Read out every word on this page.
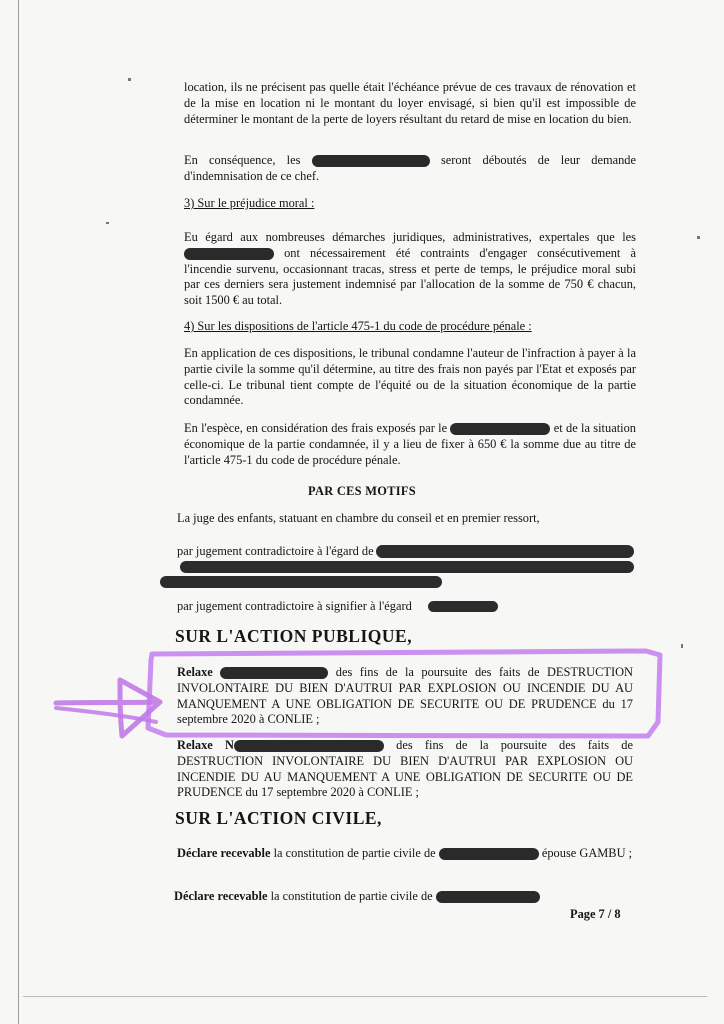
location, ils ne précisent pas quelle était l'échéance prévue de ces travaux de rénovation et de la mise en location ni le montant du loyer envisagé, si bien qu'il est impossible de déterminer le montant de la perte de loyers résultant du retard de mise en location du bien.

En conséquence, les	seront déboutés de leur demande d'indemnisation de ce chef.

3) Sur le préjudice moral :

Eu égard aux nombreuses démarches juridiques, administratives, expertales que les  ont nécessairement été contraints d'engager consécutivement à l'incendie survenu, occasionnant tracas, stress et perte de temps, le préjudice moral subi par ces derniers sera justement indemnisé par l'allocation de la somme de 750 € chacun, soit 1500 € au total.

4) Sur les dispositions de l'article 475-1 du code de procédure pénale :

En application de ces dispositions, le tribunal condamne l'auteur de l'infraction à payer à la partie civile la somme qu'il détermine, au titre des frais non payés par l'Etat et exposés par celle-ci. Le tribunal tient compte de l'équité ou de la situation économique de la partie condamnée.

En l'espèce, en considération des frais exposés par le	et de la situation économique de la partie condamnée, il y a lieu de fixer à 650 € la somme due au titre de l'article 475-1 du code de procédure pénale.

PAR CES MOTIFS

La juge des enfants, statuant en chambre du conseil et en premier ressort,

par jugement contradictoire à l'égard de

par jugement contradictoire à signifier à l'égard

SUR L'ACTION PUBLIQUE,

Relaxe	des fins de la poursuite des faits de DESTRUCTION INVOLONTAIRE DU BIEN D'AUTRUI PAR EXPLOSION OU INCENDIE DU AU MANQUEMENT A UNE OBLIGATION DE SECURITE OU DE PRUDENCE du 17 septembre 2020 à CONLIE ;

Relaxe N	des fins de la poursuite des faits de DESTRUCTION INVOLONTAIRE DU BIEN D'AUTRUI PAR EXPLOSION OU INCENDIE DU AU MANQUEMENT A UNE OBLIGATION DE SECURITE OU DE PRUDENCE du 17 septembre 2020 à CONLIE ;

SUR L'ACTION CIVILE,

Déclare recevable la constitution de partie civile de	épouse GAMBU ;

Déclare recevable la constitution de partie civile de

Page 7 / 8
